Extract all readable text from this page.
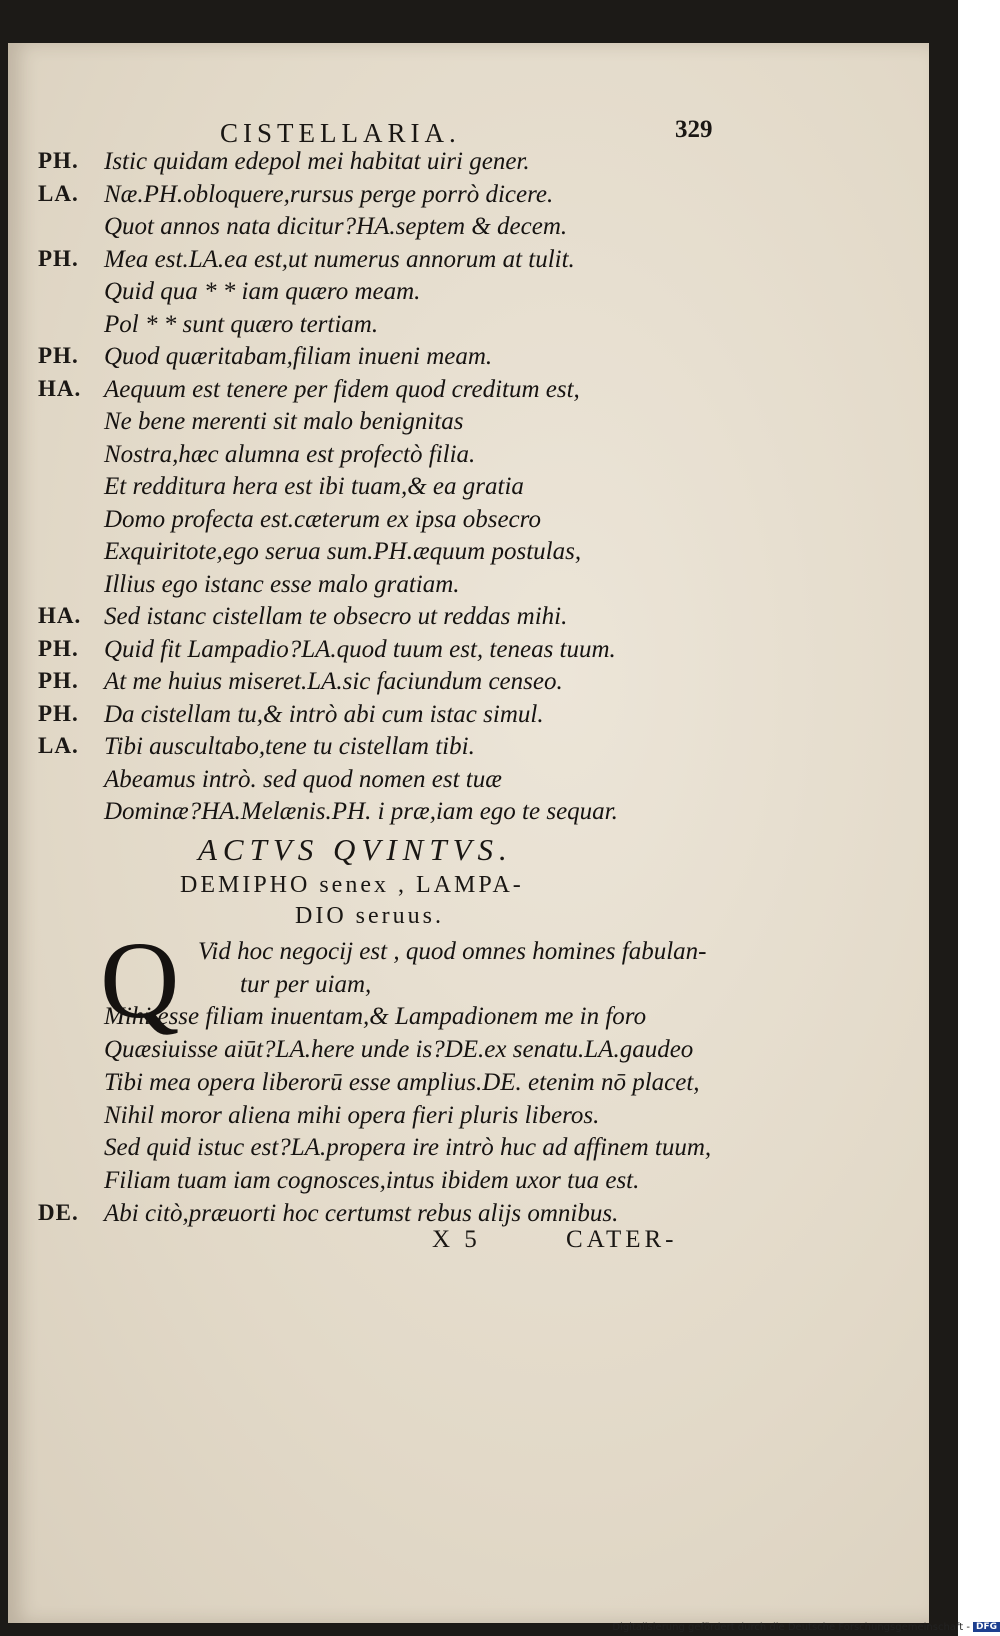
CISTELLARIA.	329
PH.	Istic quidam edepol mei habitat uiri gener.
LA.	Næ.PH.obloquere,rursus perge porrò dicere.
Quot annos nata dicitur?HA.septem & decem.
PH.	Mea est.LA.ea est,ut numerus annorum at tulit.
Quid qua * * iam quæro meam.
Pol * * sunt quæro tertiam.
PH.	Quod quæritabam,filiam inueni meam.
HA. Aequum est tenere per fidem quod creditum est,
Ne bene merenti sit malo benignitas
Nostra,hæc alumna est profectò filia.
Et redditura hera est ibi tuam,& ea gratia
Domo profecta est.cæterum ex ipsa obsecro
Exquiritote,ego serua sum.PH.æquum postulas,
Illius ego istanc esse malo gratiam.
HA. Sed istanc cistellam te obsecro ut reddas mihi.
PH.	Quid fit Lampadio?LA.quod tuum est, teneas tuum.
PH.	At me huius miseret.LA.sic faciundum censeo.
PH.	Da cistellam tu,& intrò abi cum istac simul.
LA.	Tibi auscultabo,tene tu cistellam tibi.
Abeamus intrò. sed quod nomen est tuæ
Dominæ?HA.Melænis.PH. i præ,iam ego te sequar.
ACTVS QVINTVS.
DEMIPHO senex , LAMPA-
DIO seruus.
Q Vid hoc negocij est , quod omnes homines fabulan-
tur per uiam,
Mihi esse filiam inuentam,& Lampadionem me in foro
Quæsiuisse aiūt?LA.here unde is?DE.ex senatu.LA.gaudeo
Tibi mea opera liberorū esse amplius.DE. etenim nō placet,
Nihil moror aliena mihi opera fieri pluris liberos.
Sed quid istuc est?LA.propera ire intrò huc ad affinem tuum,
Filiam tuam iam cognosces,intus ibidem uxor tua est.
DE.	Abi citò,præuorti hoc certumst rebus alijs omnibus.
X 5	CATER-
Digitalisierung gefördert durch die Deutsche Forschungsgemeinschaft - DFG
